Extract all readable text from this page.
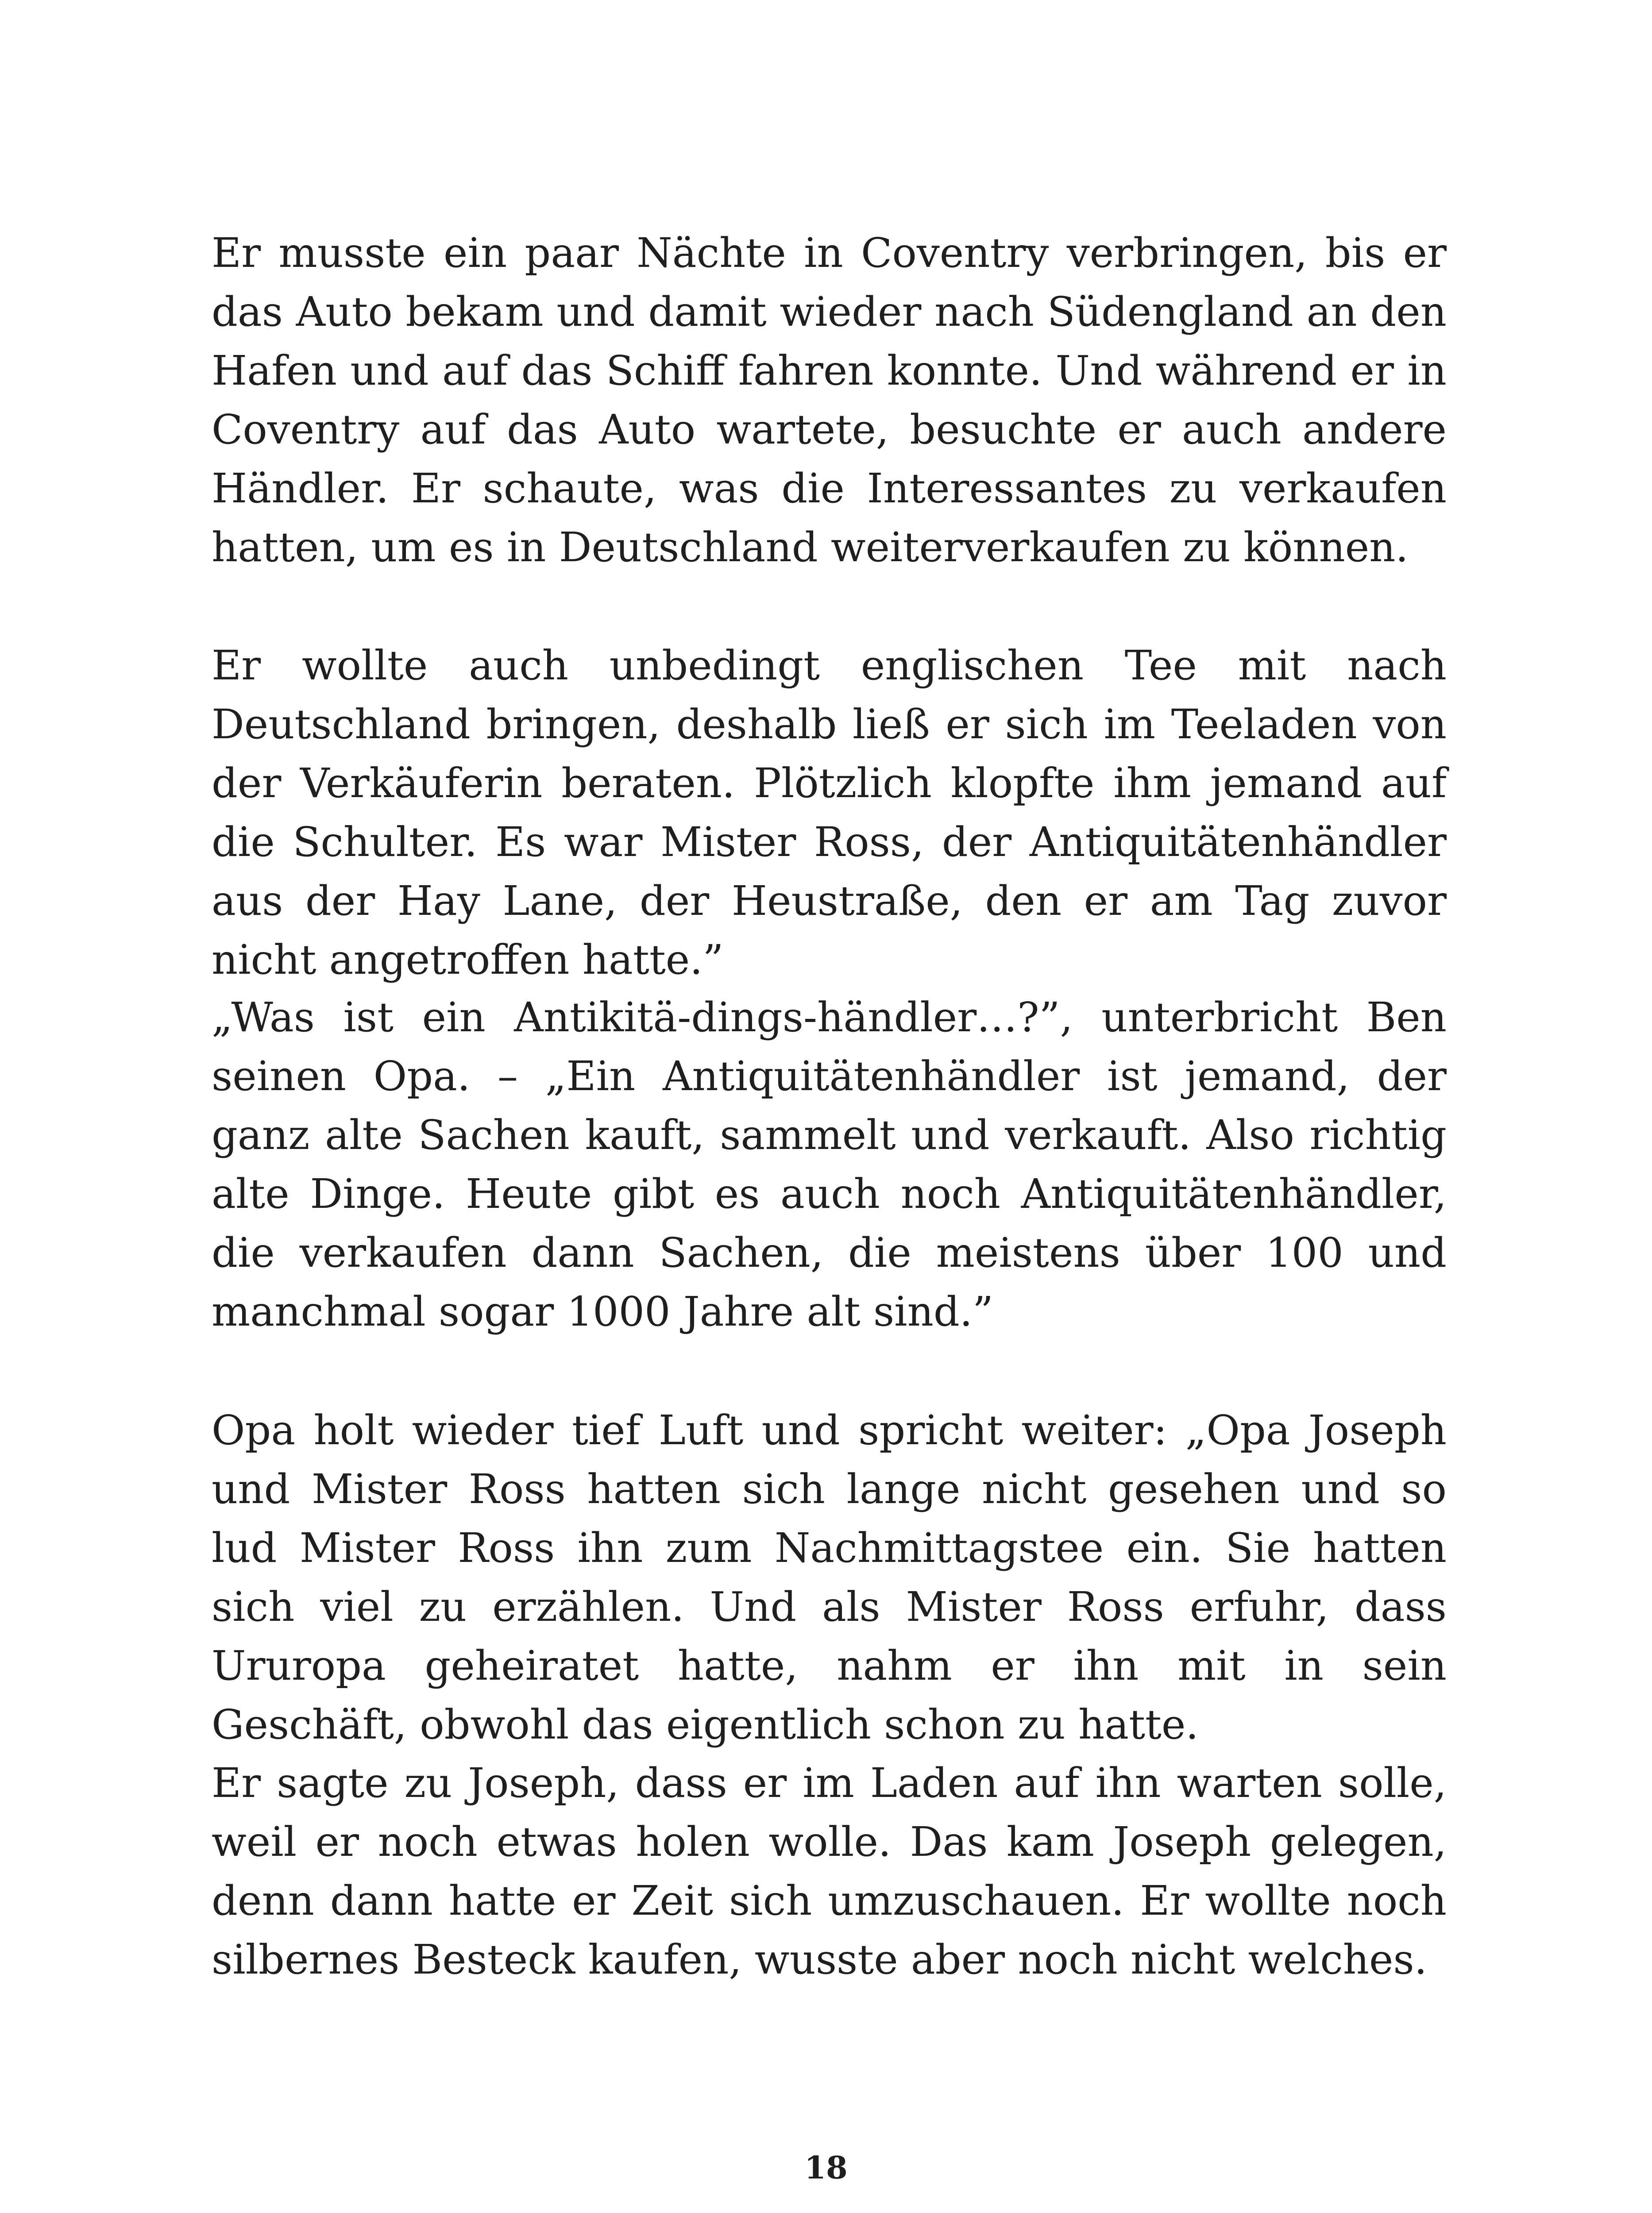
Er musste ein paar Nächte in Coventry verbringen, bis er das Auto bekam und damit wieder nach Südengland an den Hafen und auf das Schiff fahren konnte. Und während er in Coventry auf das Auto wartete, besuchte er auch andere Händler. Er schaute, was die Interessantes zu verkaufen hatten, um es in Deutschland weiterverkaufen zu können.

Er wollte auch unbedingt englischen Tee mit nach Deutschland bringen, deshalb ließ er sich im Teeladen von der Verkäuferin beraten. Plötzlich klopfte ihm jemand auf die Schulter. Es war Mister Ross, der Antiquitätenhändler aus der Hay Lane, der Heustraße, den er am Tag zuvor nicht angetroffen hatte.”

„Was ist ein Antikitä-dings-händler…?”, unterbricht Ben seinen Opa. – „Ein Antiquitätenhändler ist jemand, der ganz alte Sachen kauft, sammelt und verkauft. Also richtig alte Dinge. Heute gibt es auch noch Antiquitätenhändler, die verkaufen dann Sachen, die meistens über 100 und manchmal sogar 1000 Jahre alt sind.”

Opa holt wieder tief Luft und spricht weiter: „Opa Joseph und Mister Ross hatten sich lange nicht gesehen und so lud Mister Ross ihn zum Nachmittagstee ein. Sie hatten sich viel zu erzählen. Und als Mister Ross erfuhr, dass Ururopa geheiratet hatte, nahm er ihn mit in sein Geschäft, obwohl das eigentlich schon zu hatte.

Er sagte zu Joseph, dass er im Laden auf ihn warten solle, weil er noch etwas holen wolle. Das kam Joseph gelegen, denn dann hatte er Zeit sich umzuschauen. Er wollte noch silbernes Besteck kaufen, wusste aber noch nicht welches.

18
